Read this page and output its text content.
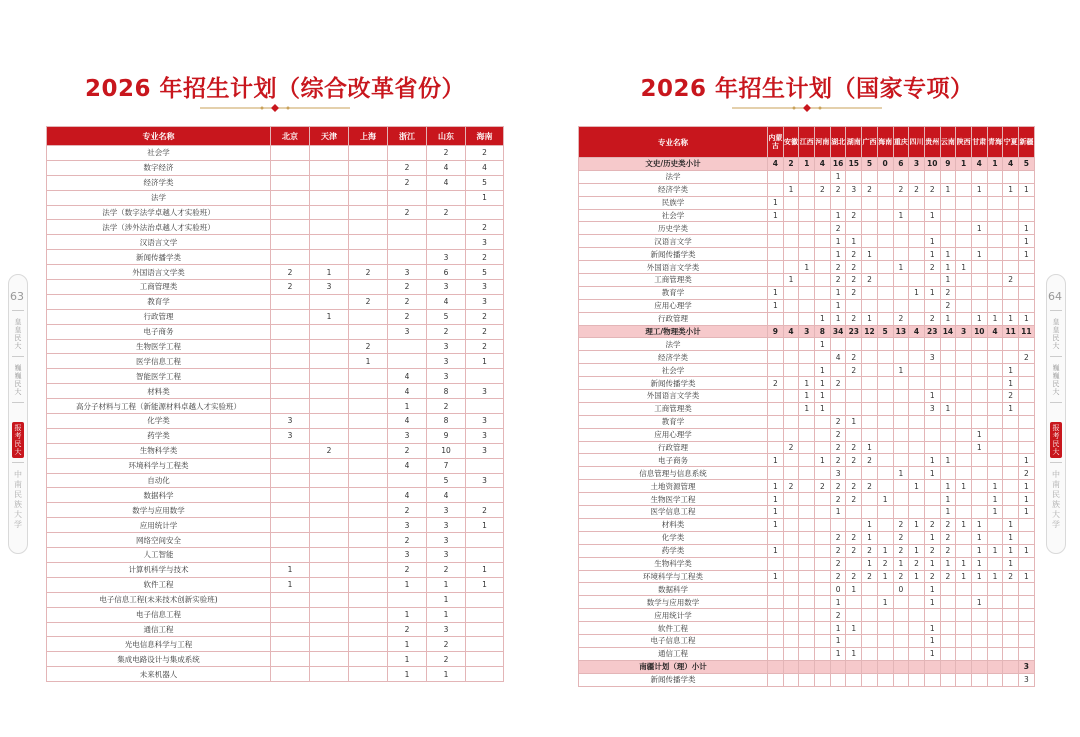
2026 年招生计划（综合改革省份）	2026 年招生计划（国家专项）
专业名称	北京	天津	上海	浙江	山东	海南
社会学					2	2
数字经济				2	4	4
经济学类				2	4	5
法学						1
法学（数字法学卓越人才实验班）				2	2	
法学（涉外法治卓越人才实验班）						2
汉语言文学						3
新闻传播学类					3	2
外国语言文学类	2	1	2	3	6	5
工商管理类	2	3		2	3	3
教育学			2	2	4	3
行政管理		1		2	5	2
电子商务				3	2	2
生物医学工程			2		3	2
医学信息工程			1		3	1
智能医学工程				4	3	
材料类				4	8	3
高分子材料与工程（新能源材料卓越人才实验班）				1	2	
化学类	3			4	8	3
药学类	3			3	9	3
生物科学类		2		2	10	3
环境科学与工程类				4	7	
自动化					5	3
数据科学				4	4	
数学与应用数学				2	3	2
应用统计学				3	3	1
网络空间安全				2	3	
人工智能				3	3	
计算机科学与技术	1			2	2	1
软件工程	1			1	1	1
电子信息工程(未来技术创新实验班)					1	
电子信息工程				1	1	
通信工程				2	3	
光电信息科学与工程				1	2	
集成电路设计与集成系统				1	2	
未来机器人				1	1	
专业名称	内蒙古	安徽	江西	河南	湖北	湖南	广西	海南	重庆	四川	贵州	云南	陕西	甘肃	青海	宁夏	新疆
文史/历史类小计	4	2	1	4	16	15	5	0	6	3	10	9	1	4	1	4	5
法学					1												
经济学类		1		2	2	3	2		2	2	2	1		1		1	1
民族学	1																
社会学	1				1	2			1		1						
历史学类					2									1			1
汉语言文学					1	1					1						1
新闻传播学类					1	2	1				1	1		1			1
外国语言文学类			1		2	2			1		2	1	1				
工商管理类		1			2	2	2					1				2	
教育学	1				1	2				1	1	2					
应用心理学	1				1							2					
行政管理				1	1	2	1		2		2	1		1	1	1	1
理工/物理类小计	9	4	3	8	34	23	12	5	13	4	23	14	3	10	4	11	11
法学				1													
经济学类					4	2					3						2
社会学				1		2			1							1	
新闻传播学类	2		1	1	2											1	
外国语言文学类			1	1							1					2	
工商管理类			1	1							3	1				1	
教育学					2	1											
应用心理学					2									1			
行政管理		2			2	2	1							1			
电子商务	1			1	2	2	2				1	1					1
信息管理与信息系统					3				1		1						2
土地资源管理	1	2		2	2	2	2			1		1	1		1		1
生物医学工程	1				2	2		1				1			1		1
医学信息工程	1				1							1			1		1
材料类	1						1		2	1	2	2	1	1		1	
化学类					2	2	1		2		1	2		1		1	
药学类	1				2	2	2	1	2	1	2	2		1	1	1	1
生物科学类					2		1	2	1	2	1	1	1	1		1	
环境科学与工程类	1				2	2	2	1	2	1	2	2	1	1	1	2	1
数据科学					0	1			0		1						
数学与应用数学					1			1			1			1			
应用统计学					2												
软件工程					1	1					1						
电子信息工程					1						1						
通信工程					1	1					1						
南疆计划（理）小计																	3
新闻传播学类																	3
63
皇皇民大
巍巍民大
报考民大
中南民族大学
64
皇皇民大
巍巍民大
报考民大
中南民族大学
